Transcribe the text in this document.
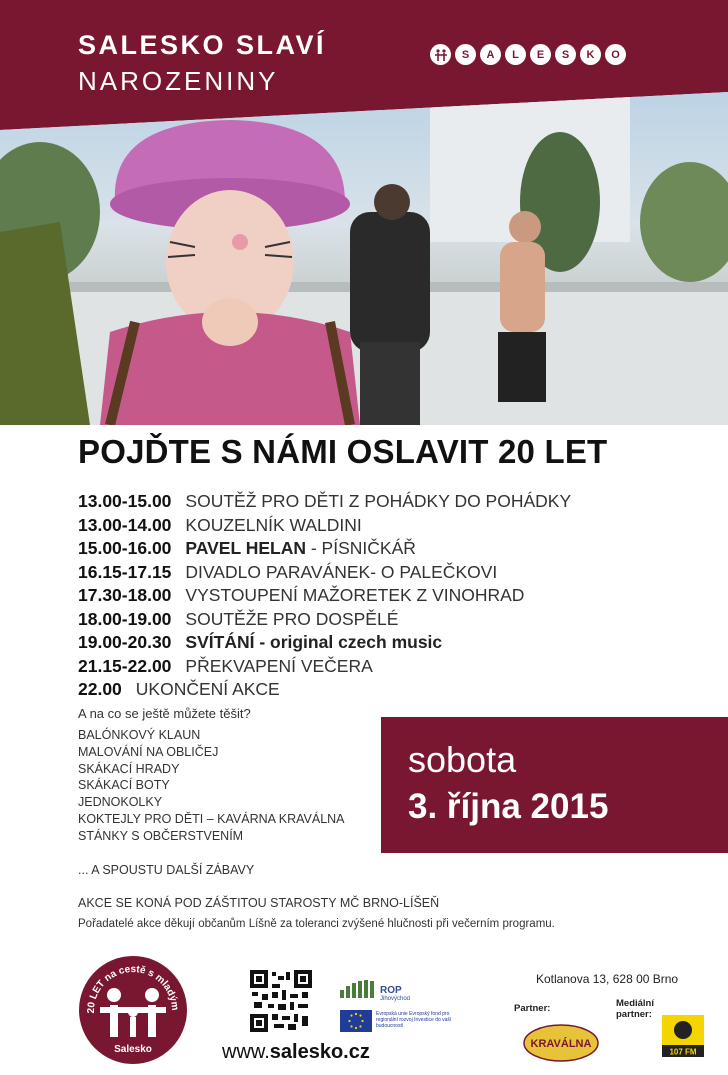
SALESKO SLAVÍ
NAROZENINY
S	A	L	E	S	K	O
POJĎTE S NÁMI OSLAVIT 20 LET
13.00-15.00 SOUTĚŽ PRO DĚTI Z POHÁDKY DO POHÁDKY
13.00-14.00 KOUZELNÍK WALDINI
15.00-16.00 PAVEL HELAN - PÍSNIČKÁŘ
16.15-17.15 DIVADLO PARAVÁNEK- O PALEČKOVI
17.30-18.00 VYSTOUPENÍ MAŽORETEK Z VINOHRAD
18.00-19.00 SOUTĚŽE PRO DOSPĚLÉ
19.00-20.30 SVÍTÁNÍ - original czech music
21.15-22.00 PŘEKVAPENÍ VEČERA
22.00 UKONČENÍ AKCE
A na co se ještě můžete těšit?
BALÓNKOVÝ KLAUN
MALOVÁNÍ NA OBLIČEJ
SKÁKACÍ HRADY
SKÁKACÍ BOTY
JEDNOKOLKY
KOKTEJLY PRO DĚTI – KAVÁRNA KRAVÁLNA
STÁNKY S OBČERSTVENÍM
... A SPOUSTU DALŠÍ ZÁBAVY
AKCE SE KONÁ POD ZÁŠTITOU STAROSTY MČ BRNO-LÍŠEŇ
Pořadatelé akce děkují občanům Líšně za toleranci zvýšené hlučnosti při večerním programu.
sobota
3. října 2015
20 LET na cestě s mladým
Salesko	www.salesko.cz
ROP
Jihovýchod
Evropská unie Evropský fond pro regionální rozvoj Investice do vaší budoucnosti
Kotlanova 13, 628 00 Brno
Partner:	Mediální
partner:
KRAVÁLNA
107 FM
